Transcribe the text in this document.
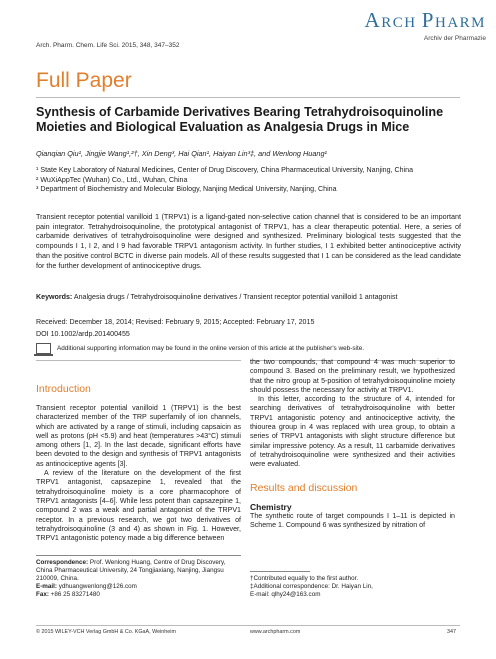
ARCH PHARM
Archiv der Pharmazie
Arch. Pharm. Chem. Life Sci. 2015, 348, 347–352
Full Paper
Synthesis of Carbamide Derivatives Bearing Tetrahydroisoquinoline Moieties and Biological Evaluation as Analgesia Drugs in Mice
Qianqian Qiu¹, Jingjie Wang¹,²†, Xin Deng³, Hai Qian¹, Haiyan Lin³‡, and Wenlong Huang¹

¹ State Key Laboratory of Natural Medicines, Center of Drug Discovery, China Pharmaceutical University, Nanjing, China

² WuXiAppTec (Wuhan) Co., Ltd., Wuhan, China

³ Department of Biochemistry and Molecular Biology, Nanjing Medical University, Nanjing, China

Transient receptor potential vanilloid 1 (TRPV1) is a ligand-gated non-selective cation channel that is considered to be an important pain integrator. Tetrahydroisoquinoline, the prototypical antagonist of TRPV1, has a clear therapeutic potential. Here, a series of carbamide derivatives of tetrahydroisoquinoline were designed and synthesized. Preliminary biological tests suggested that the compounds I 1, I 2, and I 9 had favorable TRPV1 antagonism activity. In further studies, I 1 exhibited better antinociceptive activity than the positive control BCTC in diverse pain models. All of these results suggested that I 1 can be considered as the lead candidate for the further development of antinociceptive drugs.
Keywords: Analgesia drugs / Tetrahydroisoquinoline derivatives / Transient receptor potential vanilloid 1 antagonist
Received: December 18, 2014; Revised: February 9, 2015; Accepted: February 17, 2015
DOI 10.1002/ardp.201400455
Additional supporting information may be found in the online version of this article at the publisher's web-site.
Introduction

Transient receptor potential vanilloid 1 (TRPV1) is the best characterized member of the TRP superfamily of ion channels, which are activated by a range of stimuli, including capsaicin as well as protons (pH <5.9) and heat (temperatures >43°C) stimuli among others [1, 2]. In the last decade, significant efforts have been devoted to the design and synthesis of TRPV1 antagonists as antinociceptive agents [3].

A review of the literature on the development of the first TRPV1 antagonist, capsazepine 1, revealed that the tetrahydroisoquinoline moiety is a core pharmacophore of TRPV1 antagonists [4–6]. While less potent than capsazepine 1, compound 2 was a weak and partial antagonist of the TRPV1 receptor. In a previous research, we got two derivatives of tetrahydroisoquinoline (3 and 4) as shown in Fig. 1. However, TRPV1 antagonistic potency made a big difference between

the two compounds, that compound 4 was much superior to compound 3. Based on the preliminary result, we hypothesized that the nitro group at 5-position of tetrahydroisoquinoline moiety should possess the necessary for activity at TRPV1.

In this letter, according to the structure of 4, intended for searching derivatives of tetrahydroisoquinoline with better TRPV1 antagonistic potency and antinociceptive activity, the thiourea group in 4 was replaced with urea group, to obtain a series of TRPV1 antagonists with slight structure difference but similar impressive potency. As a result, 11 carbamide derivatives of tetrahydroisoquinoline were synthesized and their activities were evaluated.

Results and discussion
Chemistry

The synthetic route of target compounds I 1–11 is depicted in Scheme 1. Compound 6 was synthesized by nitration of

Correspondence: Prof. Wenlong Huang, Centre of Drug Discovery, China Pharmaceutical University, 24 Tongjiaxiang, Nanjing, Jiangsu 210009, China.

E-mail: ydhuangwenlong@126.com

Fax: +86 25 83271480

†Contributed equally to the first author.

‡Additional correspondence: Dr. Haiyan Lin,

E-mail: qlhy24@163.com

© 2015 WILEY-VCH Verlag GmbH & Co. KGaA, Weinheim	www.archpharm.com	347
